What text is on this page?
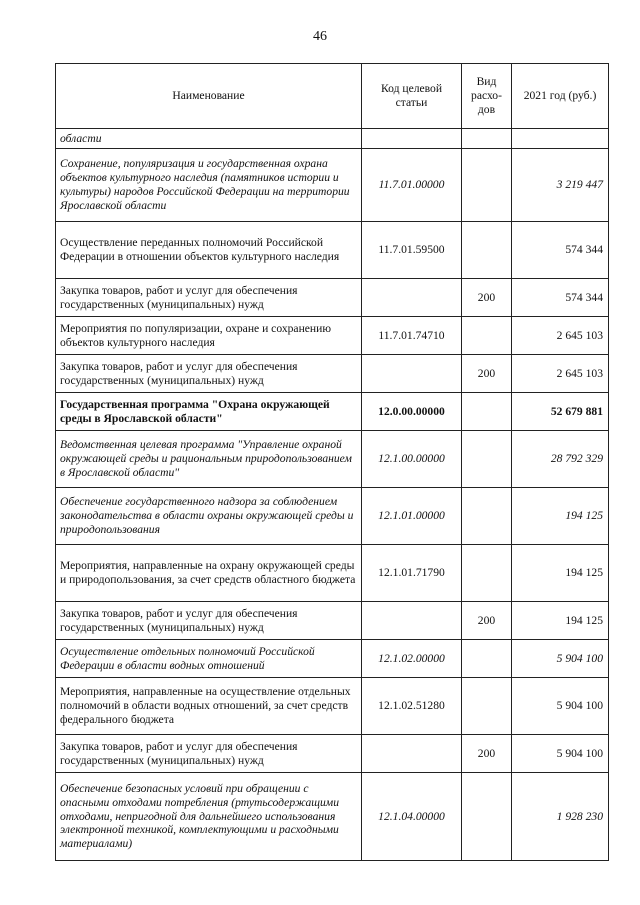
46
Наименование	Код целевой статьи	Вид расхо-дов	2021 год (руб.)
области			
Сохранение, популяризация и государственная охрана объектов культурного наследия (памятников истории и культуры) народов Российской Федерации на территории Ярославской области	11.7.01.00000		3 219 447
Осуществление переданных полномочий Российской Федерации в отношении объектов культурного наследия	11.7.01.59500		574 344
Закупка товаров, работ и услуг для обеспечения государственных (муниципальных) нужд		200	574 344
Мероприятия по популяризации, охране и сохранению объектов культурного наследия	11.7.01.74710		2 645 103
Закупка товаров, работ и услуг для обеспечения государственных (муниципальных) нужд		200	2 645 103
Государственная программа "Охрана окружающей среды в Ярославской области"	12.0.00.00000		52 679 881
Ведомственная целевая программа "Управление охраной окружающей среды и рациональным природопользованием в Ярославской области"	12.1.00.00000		28 792 329
Обеспечение государственного надзора за соблюдением законодательства в области охраны окружающей среды и природопользования	12.1.01.00000		194 125
Мероприятия, направленные на охрану окружающей среды и природопользования, за счет средств областного бюджета	12.1.01.71790		194 125
Закупка товаров, работ и услуг для обеспечения государственных (муниципальных) нужд		200	194 125
Осуществление отдельных полномочий Российской Федерации в области водных отношений	12.1.02.00000		5 904 100
Мероприятия, направленные на осуществление отдельных полномочий в области водных отношений, за счет средств федерального бюджета	12.1.02.51280		5 904 100
Закупка товаров, работ и услуг для обеспечения государственных (муниципальных) нужд		200	5 904 100
Обеспечение безопасных условий при обращении с опасными отходами потребления (ртутьсодержащими отходами, непригодной для дальнейшего использования электронной техникой, комплектующими и расходными материалами)	12.1.04.00000		1 928 230
